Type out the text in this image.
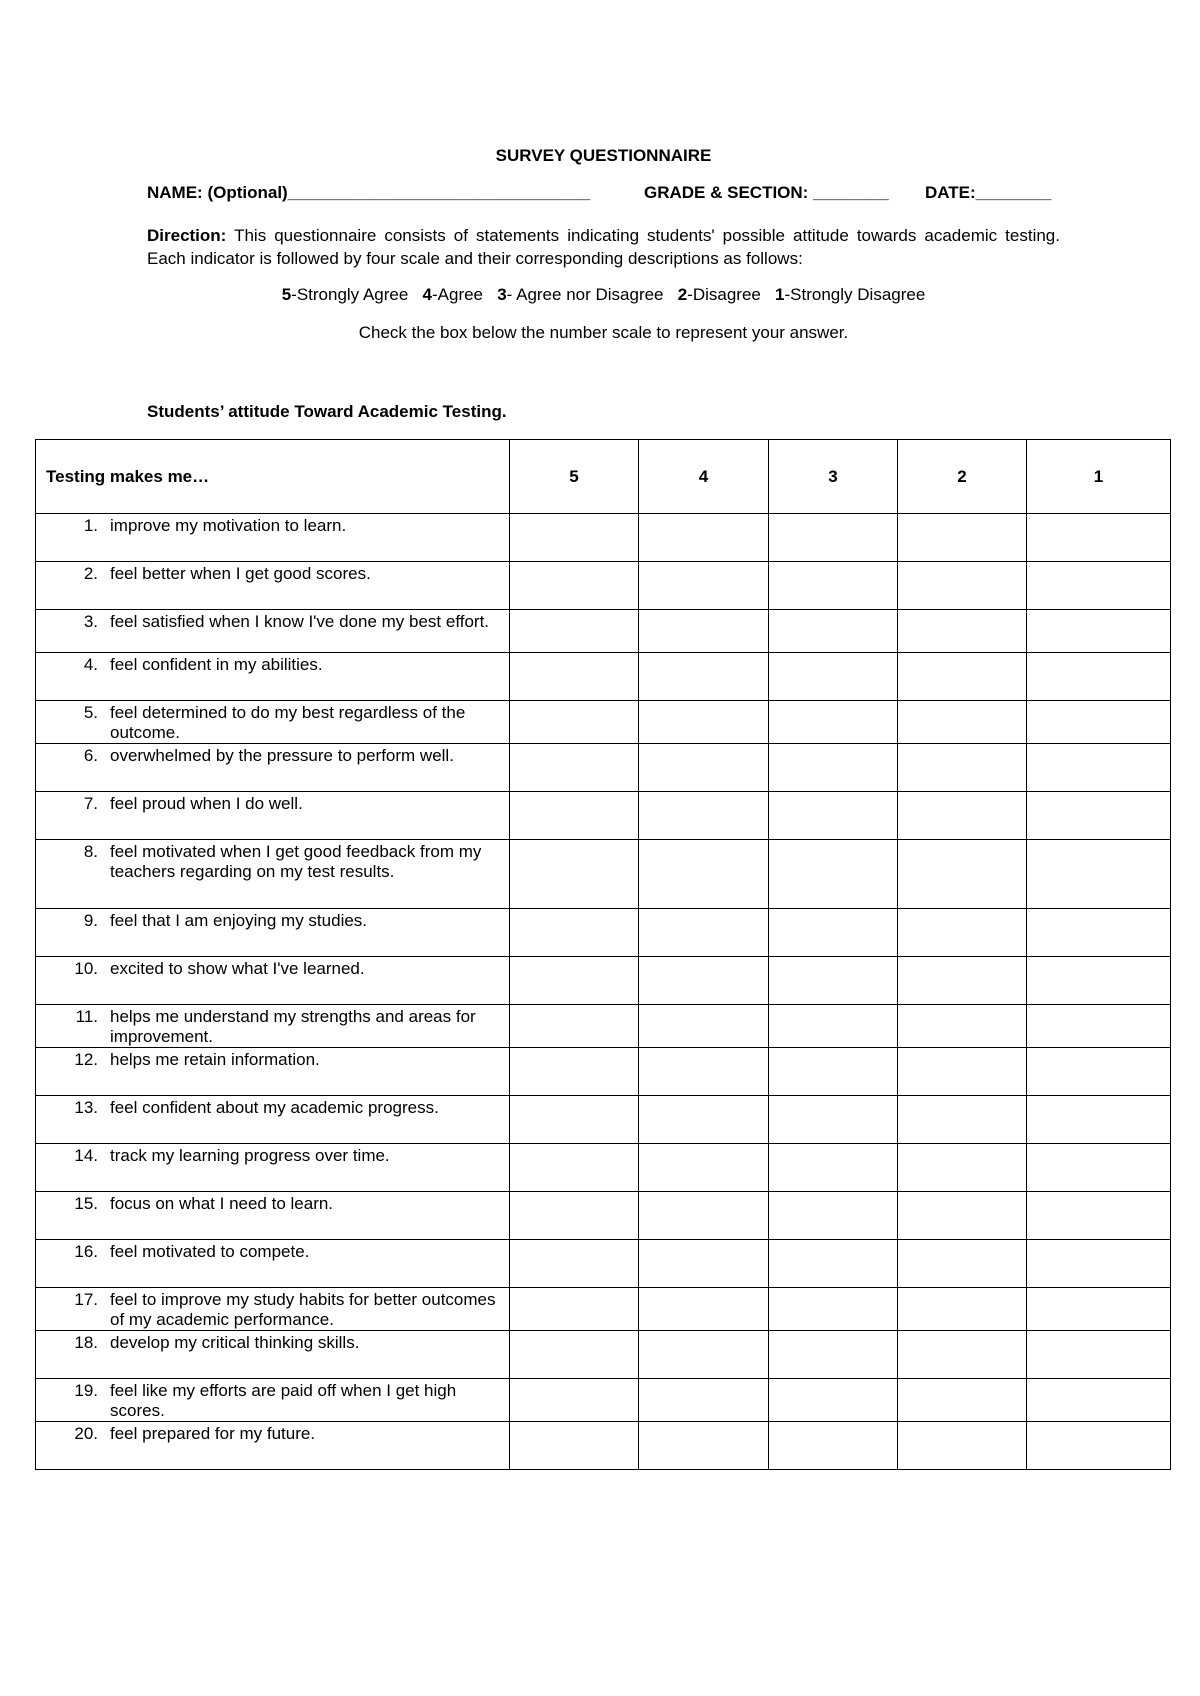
SURVEY QUESTIONNAIRE
NAME: (Optional)________________________________	GRADE & SECTION: ________ DATE:________
Direction: This questionnaire consists of statements indicating students' possible attitude towards academic testing. Each indicator is followed by four scale and their corresponding descriptions as follows:
5-Strongly Agree 4-Agree 3- Agree nor Disagree 2-Disagree 1-Strongly Disagree
Check the box below the number scale to represent your answer.
Students’ attitude Toward Academic Testing.
Testing makes me…	5	4	3	2	1

1. improve my motivation to learn.					

2. feel better when I get good scores.					

3. feel satisfied when I know I've done my best effort.					

4. feel confident in my abilities.					

5. feel determined to do my best regardless of the outcome.					

6. overwhelmed by the pressure to perform well.					

7. feel proud when I do well.					

8. feel motivated when I get good feedback from my teachers regarding on my test results.					

9. feel that I am enjoying my studies.					

10. excited to show what I've learned.					

11. helps me understand my strengths and areas for improvement.					

12. helps me retain information.					

13. feel confident about my academic progress.					

14. track my learning progress over time.					

15. focus on what I need to learn.					

16. feel motivated to compete.					

17. feel to improve my study habits for better outcomes of my academic performance.					

18. develop my critical thinking skills.					

19. feel like my efforts are paid off when I get high scores.					

20. feel prepared for my future.					
